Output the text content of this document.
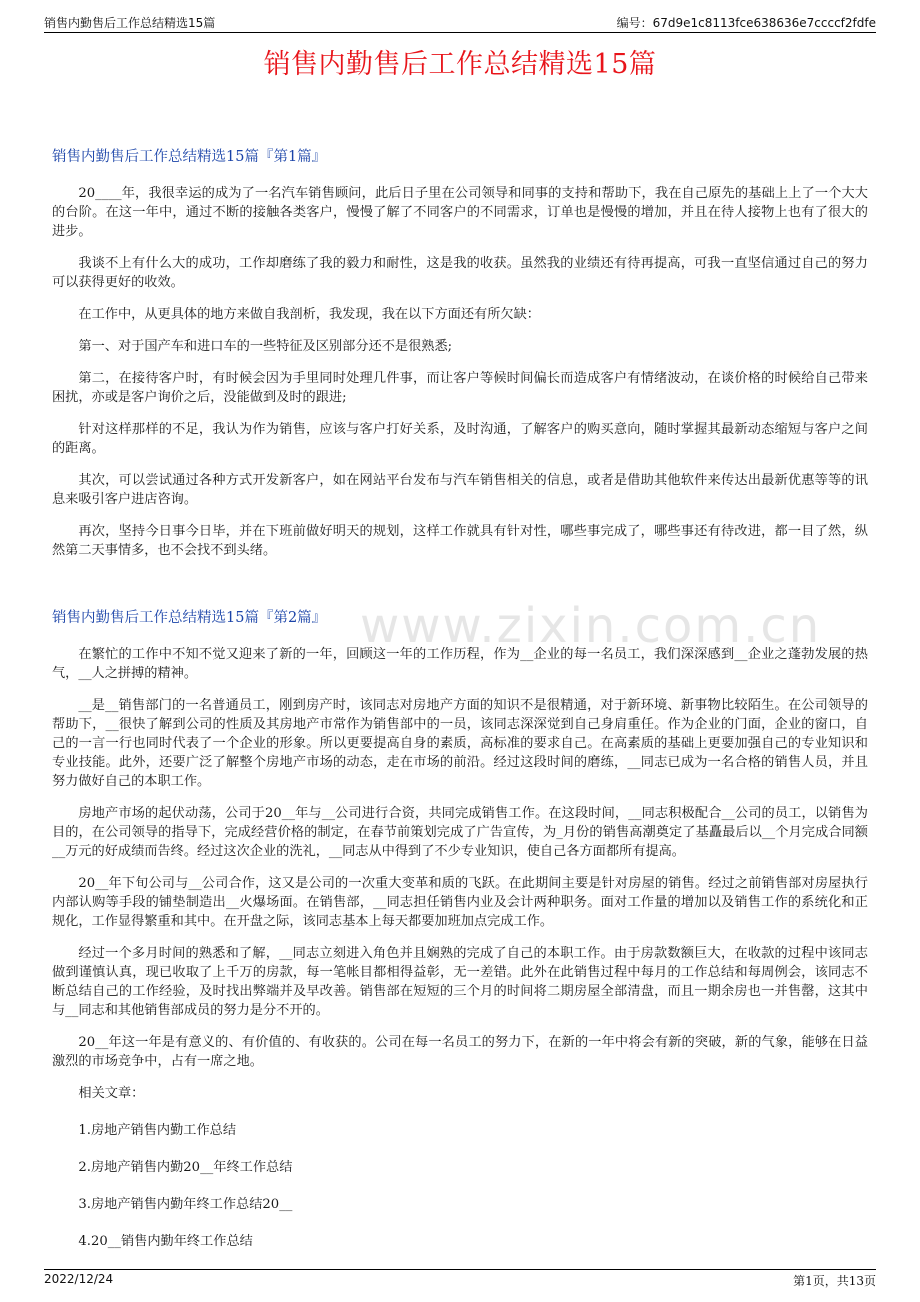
销售内勤售后工作总结精选15篇	编号：67d9e1c8113fce638636e7ccccf2fdfe
销售内勤售后工作总结精选15篇
www.zixin.com.cn
销售内勤售后工作总结精选15篇『第1篇』

20____年，我很幸运的成为了一名汽车销售顾问，此后日子里在公司领导和同事的支持和帮助下，我在自己原先的基础上上了一个大大的台阶。在这一年中，通过不断的接触各类客户，慢慢了解了不同客户的不同需求，订单也是慢慢的增加，并且在待人接物上也有了很大的进步。

我谈不上有什么大的成功，工作却磨练了我的毅力和耐性，这是我的收获。虽然我的业绩还有待再提高，可我一直坚信通过自己的努力可以获得更好的收效。

在工作中，从更具体的地方来做自我剖析，我发现，我在以下方面还有所欠缺：

第一、对于国产车和进口车的一些特征及区别部分还不是很熟悉;

第二，在接待客户时，有时候会因为手里同时处理几件事，而让客户等候时间偏长而造成客户有情绪波动，在谈价格的时候给自己带来困扰，亦或是客户询价之后，没能做到及时的跟进;

针对这样那样的不足，我认为作为销售，应该与客户打好关系，及时沟通，了解客户的购买意向，随时掌握其最新动态缩短与客户之间的距离。

其次，可以尝试通过各种方式开发新客户，如在网站平台发布与汽车销售相关的信息，或者是借助其他软件来传达出最新优惠等等的讯息来吸引客户进店咨询。

再次，坚持今日事今日毕，并在下班前做好明天的规划，这样工作就具有针对性，哪些事完成了，哪些事还有待改进，都一目了然，纵然第二天事情多，也不会找不到头绪。

销售内勤售后工作总结精选15篇『第2篇』

在繁忙的工作中不知不觉又迎来了新的一年，回顾这一年的工作历程，作为__企业的每一名员工，我们深深感到__企业之蓬勃发展的热气，__人之拼搏的精神。

__是__销售部门的一名普通员工，刚到房产时，该同志对房地产方面的知识不是很精通，对于新环境、新事物比较陌生。在公司领导的帮助下，__很快了解到公司的性质及其房地产市常作为销售部中的一员，该同志深深觉到自己身肩重任。作为企业的门面，企业的窗口，自己的一言一行也同时代表了一个企业的形象。所以更要提高自身的素质，高标准的要求自己。在高素质的基础上更要加强自己的专业知识和专业技能。此外，还要广泛了解整个房地产市场的动态，走在市场的前沿。经过这段时间的磨练，__同志已成为一名合格的销售人员，并且努力做好自己的本职工作。

房地产市场的起伏动荡，公司于20__年与__公司进行合资，共同完成销售工作。在这段时间，__同志积极配合__公司的员工，以销售为目的，在公司领导的指导下，完成经营价格的制定，在春节前策划完成了广告宣传，为_月份的销售高潮奠定了基矗最后以__个月完成合同额__万元的好成绩而告终。经过这次企业的洗礼，__同志从中得到了不少专业知识，使自己各方面都所有提高。

20__年下旬公司与__公司合作，这又是公司的一次重大变革和质的飞跃。在此期间主要是针对房屋的销售。经过之前销售部对房屋执行内部认购等手段的铺垫制造出__火爆场面。在销售部，__同志担任销售内业及会计两种职务。面对工作量的增加以及销售工作的系统化和正规化，工作显得繁重和其中。在开盘之际，该同志基本上每天都要加班加点完成工作。

经过一个多月时间的熟悉和了解，__同志立刻进入角色并且娴熟的完成了自己的本职工作。由于房款数额巨大，在收款的过程中该同志做到谨慎认真，现已收取了上千万的房款，每一笔帐目都相得益彰，无一差错。此外在此销售过程中每月的工作总结和每周例会，该同志不断总结自己的工作经验，及时找出弊端并及早改善。销售部在短短的三个月的时间将二期房屋全部清盘，而且一期余房也一并售罄，这其中与__同志和其他销售部成员的努力是分不开的。

20__年这一年是有意义的、有价值的、有收获的。公司在每一名员工的努力下，在新的一年中将会有新的突破，新的气象，能够在日益激烈的市场竞争中，占有一席之地。

相关文章：

1.房地产销售内勤工作总结

2.房地产销售内勤20__年终工作总结

3.房地产销售内勤年终工作总结20__

4.20__销售内勤年终工作总结

2022/12/24	第1页，共13页
